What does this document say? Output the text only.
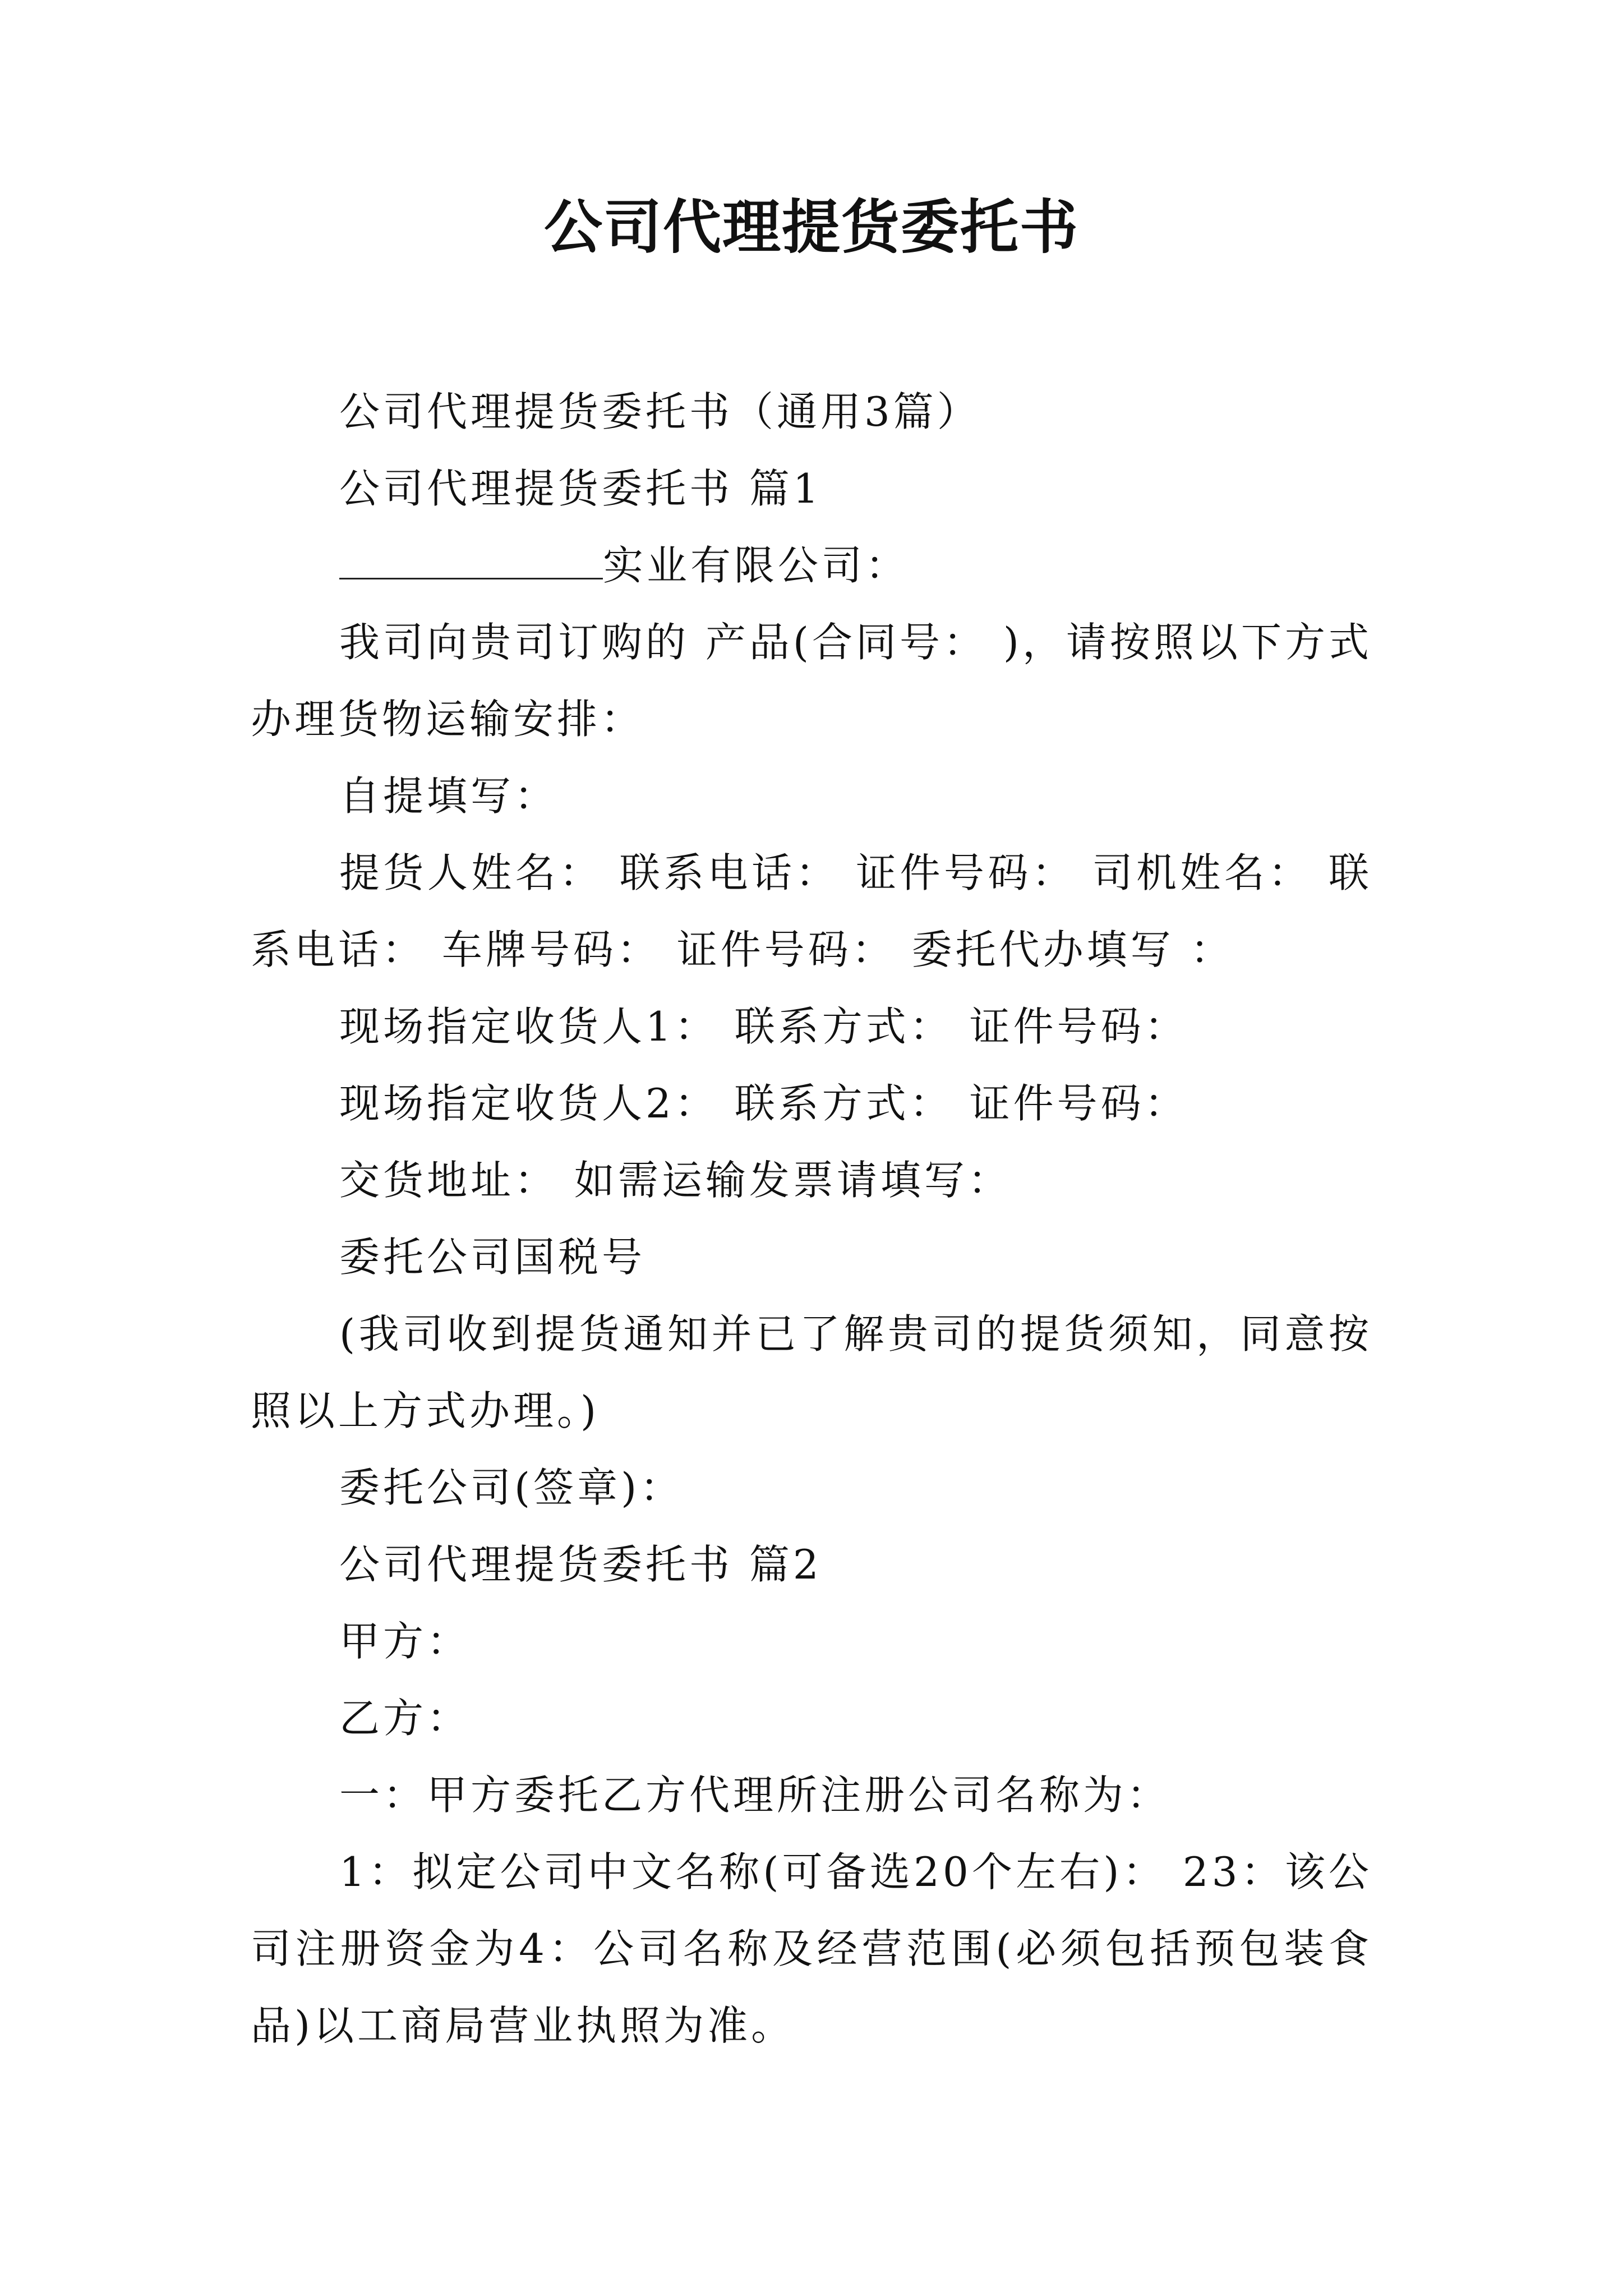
公司代理提货委托书

公司代理提货委托书（通用3篇）

公司代理提货委托书 篇1

实业有限公司：

我司向贵司订购的 产品(合同号： )，请按照以下方式办理货物运输安排：

自提填写：

提货人姓名： 联系电话： 证件号码： 司机姓名： 联系电话： 车牌号码： 证件号码： 委托代办填写 ：

现场指定收货人1： 联系方式： 证件号码：

现场指定收货人2： 联系方式： 证件号码：

交货地址： 如需运输发票请填写：

委托公司国税号

(我司收到提货通知并已了解贵司的提货须知，同意按照以上方式办理。)

委托公司(签章)：

公司代理提货委托书 篇2

甲方：

乙方：

一：甲方委托乙方代理所注册公司名称为：

1：拟定公司中文名称(可备选20个左右)： 23：该公司注册资金为4：公司名称及经营范围(必须包括预包装食品)以工商局营业执照为准。
